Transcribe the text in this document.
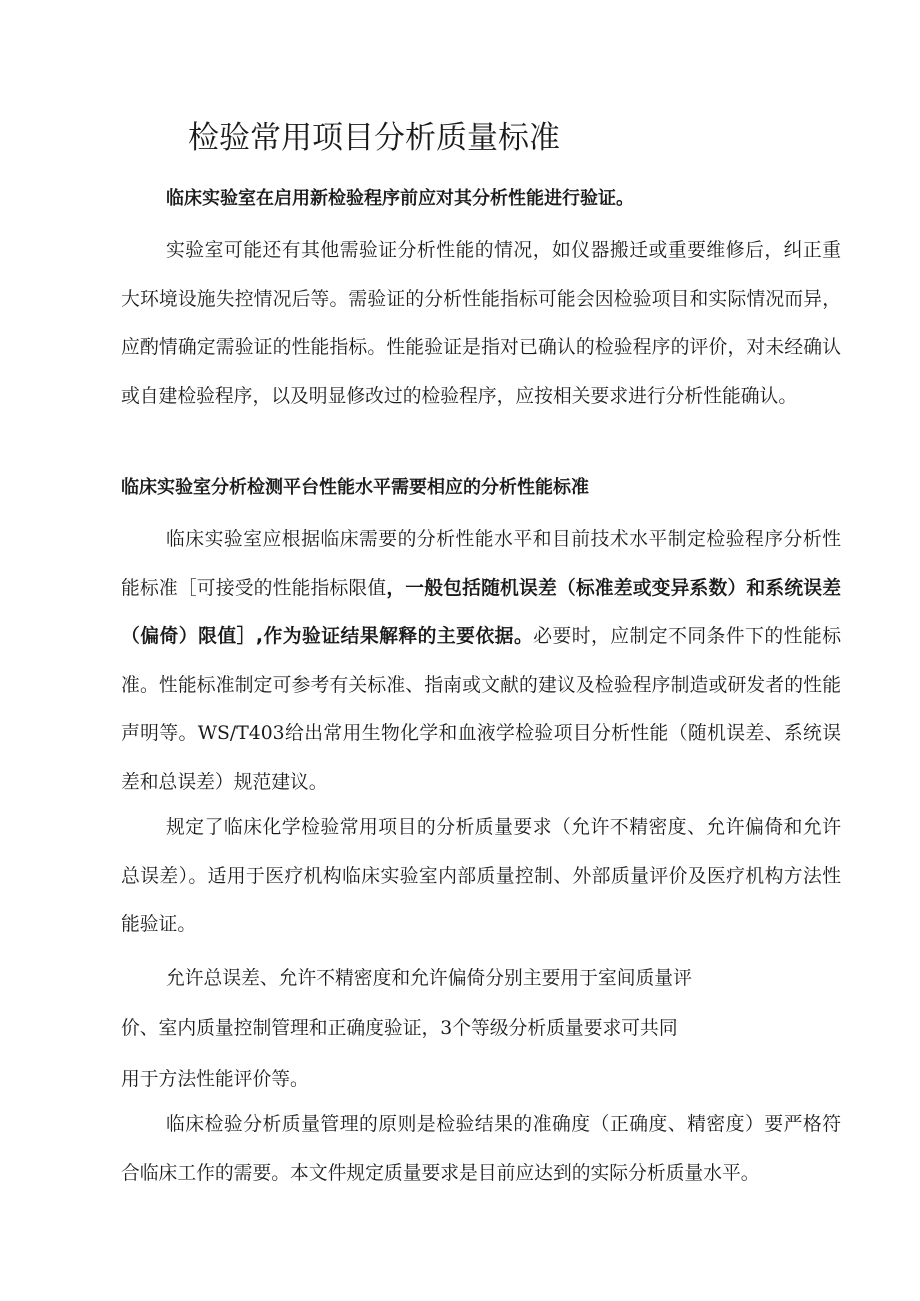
检验常用项目分析质量标准
临床实验室在启用新检验程序前应对其分析性能进行验证。
实验室可能还有其他需验证分析性能的情况，如仪器搬迁或重要维修后，纠正重大环境设施失控情况后等。需验证的分析性能指标可能会因检验项目和实际情况而异，应酌情确定需验证的性能指标。性能验证是指对已确认的检验程序的评价，对未经确认或自建检验程序，以及明显修改过的检验程序，应按相关要求进行分析性能确认。
临床实验室分析检测平台性能水平需要相应的分析性能标准
临床实验室应根据临床需要的分析性能水平和目前技术水平制定检验程序分析性能标准［可接受的性能指标限值，一般包括随机误差（标准差或变异系数）和系统误差（偏倚）限值］,作为验证结果解释的主要依据。必要时，应制定不同条件下的性能标准。性能标准制定可参考有关标准、指南或文献的建议及检验程序制造或研发者的性能声明等。WS/T403给出常用生物化学和血液学检验项目分析性能（随机误差、系统误差和总误差）规范建议。
规定了临床化学检验常用项目的分析质量要求（允许不精密度、允许偏倚和允许总误差）。适用于医疗机构临床实验室内部质量控制、外部质量评价及医疗机构方法性能验证。
允许总误差、允许不精密度和允许偏倚分别主要用于室间质量评
价、室内质量控制管理和正确度验证，3个等级分析质量要求可共同
用于方法性能评价等。
临床检验分析质量管理的原则是检验结果的准确度（正确度、精密度）要严格符合临床工作的需要。本文件规定质量要求是目前应达到的实际分析质量水平。
